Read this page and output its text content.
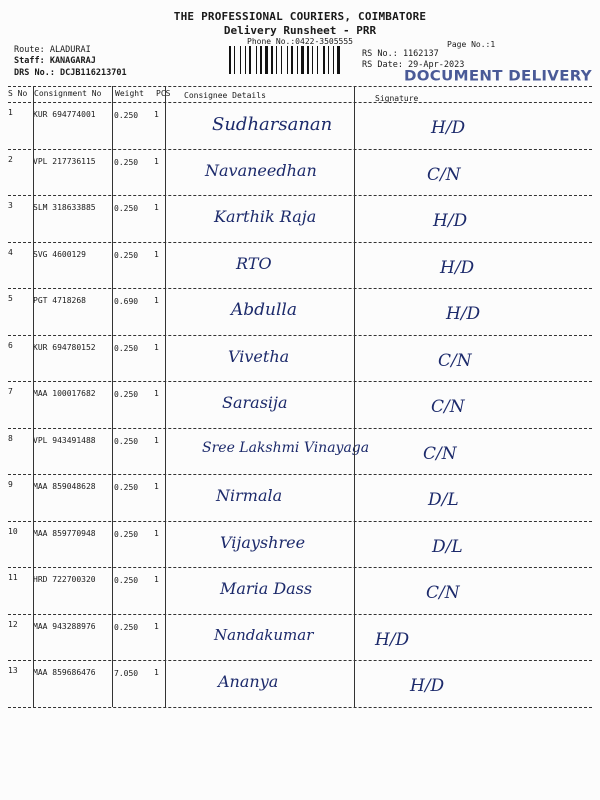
THE PROFESSIONAL COURIERS, COIMBATORE
Delivery Runsheet - PRR
Phone No.:0422-3505555	Page No.:1
Route: ALADURAI
Staff: KANAGARAJ
DRS No.: DCJB116213701
RS No.: 1162137
RS Date: 29-Apr-2023
DOCUMENT DELIVERY
S No Consignment No Weight PCS Consignee Details	Signature
1	KUR 694774001 0.250 1	Sudharsanan	H/D
2	VPL 217736115 0.250 1	Navaneedhan	C/N
3	SLM 318633885 0.250 1	Karthik Raja	H/D
4	SVG 4600129	0.250 1	RTO	H/D
5	PGT 4718268	0.690 1	Abdulla	H/D
6	KUR 694780152 0.250 1	Vivetha	C/N
7	MAA 100017682 0.250 1	Sarasija	C/N
8	VPL 943491488 0.250 1	Sree Lakshmi Vinayaga	C/N
9	MAA 859048628 0.250 1	Nirmala	D/L
10 MAA 859770948 0.250 1	Vijayshree	D/L
11 HRD 722700320 0.250 1	Maria Dass	C/N
12 MAA 943288976 0.250 1	Nandakumar	H/D
13 MAA 859686476 7.050 1	Ananya	H/D
